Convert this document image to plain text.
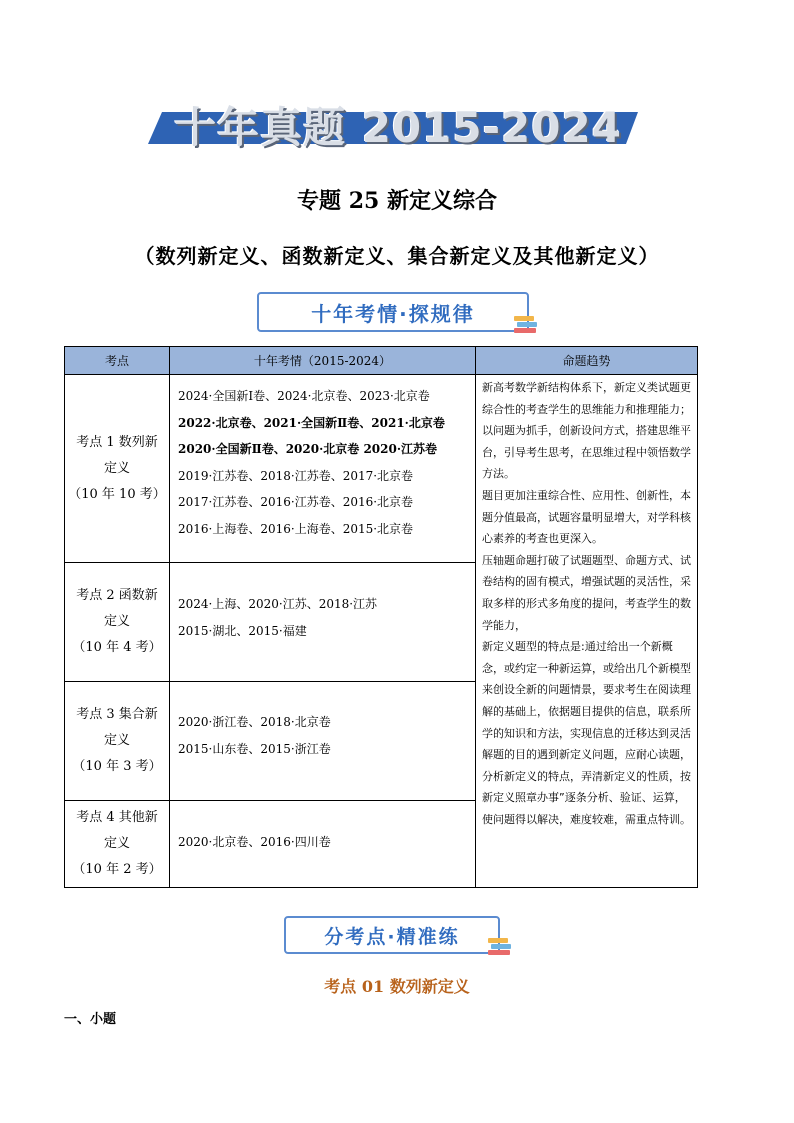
十年真题 2015-2024
专题 25 新定义综合
（数列新定义、函数新定义、集合新定义及其他新定义）
十年考情·探规律
考点	十年考情（2015-2024）	命题趋势
考点 1 数列新
定义
（10 年 10 考）
2024·全国新Ⅰ卷、2024·北京卷、2023·北京卷
2022·北京卷、2021·全国新Ⅱ卷、2021·北京卷
2020·全国新Ⅱ卷、2020·北京卷 2020·江苏卷
2019·江苏卷、2018·江苏卷、2017·北京卷
2017·江苏卷、2016·江苏卷、2016·北京卷
2016·上海卷、2016·上海卷、2015·北京卷
考点 2 函数新
定义
（10 年 4 考）
2024·上海、2020·江苏、2018·江苏
2015·湖北、2015·福建
考点 3 集合新
定义
（10 年 3 考）
2020·浙江卷、2018·北京卷
2015·山东卷、2015·浙江卷
考点 4 其他新
定义
（10 年 2 考）
2020·北京卷、2016·四川卷

新高考数学新结构体系下，新定义类试题更综合性的考查学生的思维能力和推理能力；以问题为抓手，创新设问方式，搭建思维平台，引导考生思考，在思维过程中领悟数学方法。

题目更加注重综合性、应用性、创新性，本题分值最高，试题容量明显增大，对学科核心素养的考查也更深入。

压轴题命题打破了试题题型、命题方式、试卷结构的固有模式，增强试题的灵活性，采取多样的形式多角度的提问，考查学生的数学能力，

新定义题型的特点是:通过给出一个新概念，或约定一种新运算，或给出几个新模型来创设全新的问题情景，要求考生在阅读理解的基础上，依据题目提供的信息，联系所学的知识和方法，实现信息的迁移达到灵活解题的目的遇到新定义问题，应耐心读题，分析新定义的特点，弄清新定义的性质，按新定义照章办事”逐条分析、验证、运算，使问题得以解决，难度较难，需重点特训。

分考点·精准练
考点 01 数列新定义
一、小题
